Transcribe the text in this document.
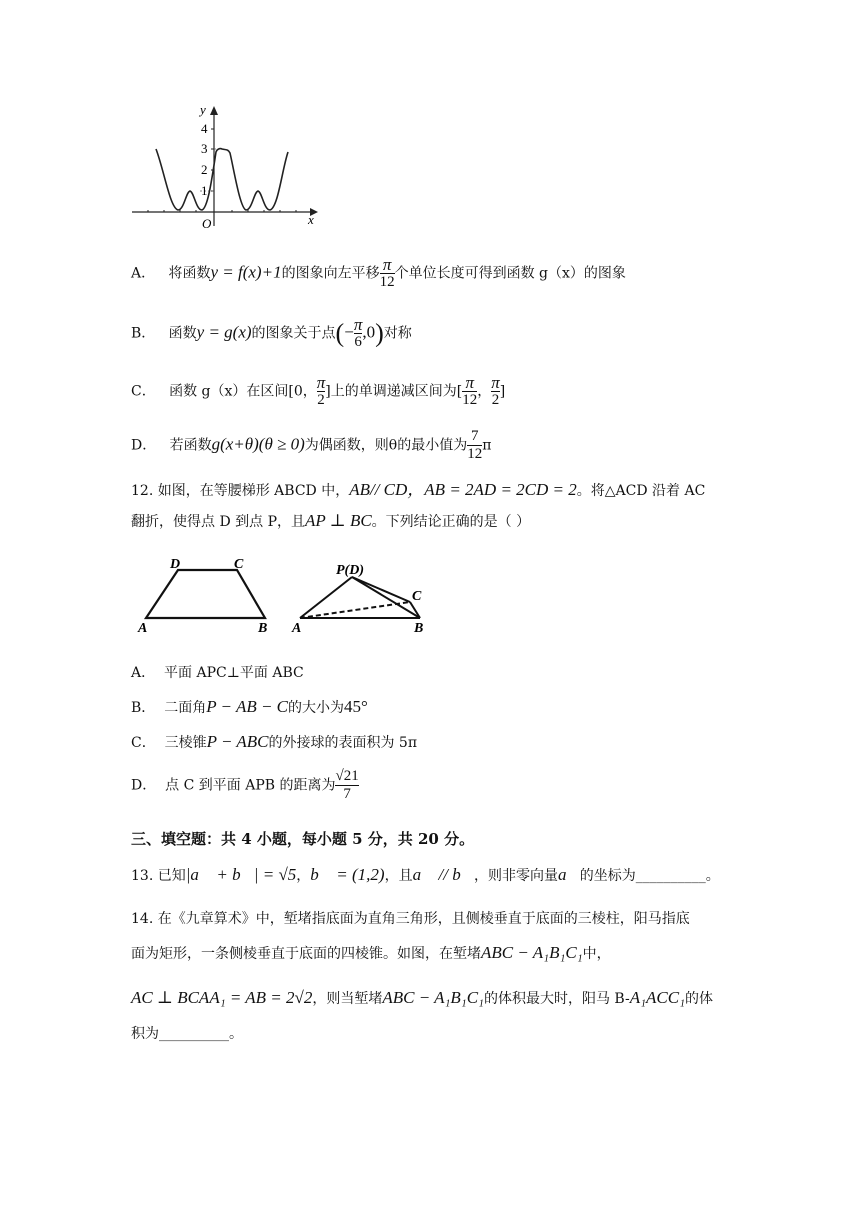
y
x
O
4
3
2
1
A． 将函数y = f(x)+1的图象向左平移 $\frac{\pi}{12}$ 个单位长度可得到函数 g（x）的图象
B． 函数y = g(x)的图象关于点(− $\frac{\pi}{6} ,0$)对称
C． 函数 g（x）在区间[0， $\frac{\pi}{2}$ ]上的单调递减区间为[ $\frac{\pi}{12}$ ， $\frac{\pi}{2}$ ]
D． 若函数g(x+θ)(θ ≥ 0)为偶函数，则θ的最小值为 $\frac{7}{12}$ π
12. 如图，在等腰梯形 ABCD 中，AB// CD，AB = 2AD = 2CD = 2。将△ACD 沿着 AC
翻折，使得点 D 到点 P，且AP ⊥ BC。下列结论正确的是（ ）
D	C
A	B
P(D)
C
A	B
A． 平面 APC⊥平面 ABC
B． 二面角P − AB − C的大小为45°
C． 三棱锥P − ABC的外接球的表面积为 5π
D． 点 C 到平面 APB 的距离为 $\frac{√21}{7}$
三、填空题：共 4 小题，每小题 5 分，共 20 分。
13. 已知|a⃗ + b⃗| = √5，b⃗ = (1,2)，且a⃗ // b⃗，则非零向量a⃗的坐标为__________。
14. 在《九章算术》中，堑堵指底面为直角三角形，且侧棱垂直于底面的三棱柱，阳马指底
面为矩形，一条侧棱垂直于底面的四棱锥。如图，在堑堵ABC − A₁B₁C₁中，
AC ⊥ BCAA₁ = AB = 2√2，则当堑堵ABC − A₁B₁C₁的体积最大时，阳马 B-A₁ACC₁的体
积为__________。
